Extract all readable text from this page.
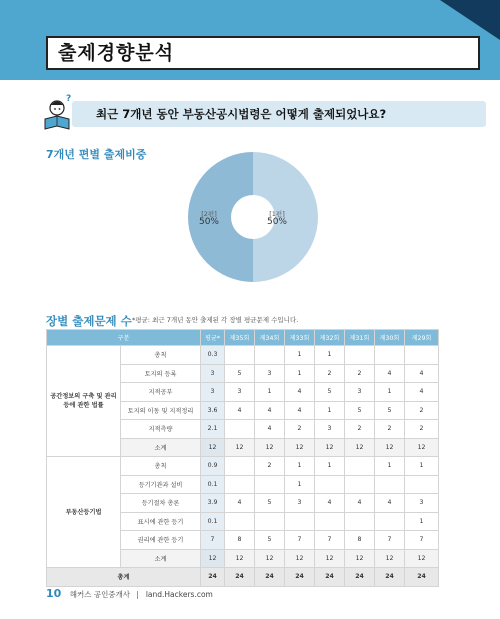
출제경향분석
최근 7개년 동안 부동산공시법령은 어떻게 출제되었나요?
?
7개년 편별 출제비중
[2편]
50%
[1편]
50%
장별 출제문제 수 *평균: 최근 7개년 동안 출제된 각 장별 평균문제 수입니다.
구분		평균*	제35회	제34회	제33회	제32회	제31회	제30회	제29회
공간정보의 구축 및 관리 등에 관한 법률	총칙	0.3			1	1			
	토지의 등록	3	5	3	1	2	2	4	4
	지적공부	3	3	1	4	5	3	1	4
	토지의 이동 및 지적정리	3.6	4	4	4	1	5	5	2
	지적측량	2.1		4	2	3	2	2	2
	소계	12	12	12	12	12	12	12	12
부동산등기법	총칙	0.9		2	1	1		1	1
	등기기관과 설비	0.1			1				
	등기절차 총론	3.9	4	5	3	4	4	4	3
	표시에 관한 등기	0.1							1
	권리에 관한 등기	7	8	5	7	7	8	7	7
	소계	12	12	12	12	12	12	12	12
총계		24	24	24	24	24	24	24	24
10 해커스 공인중개사 land.Hackers.com
